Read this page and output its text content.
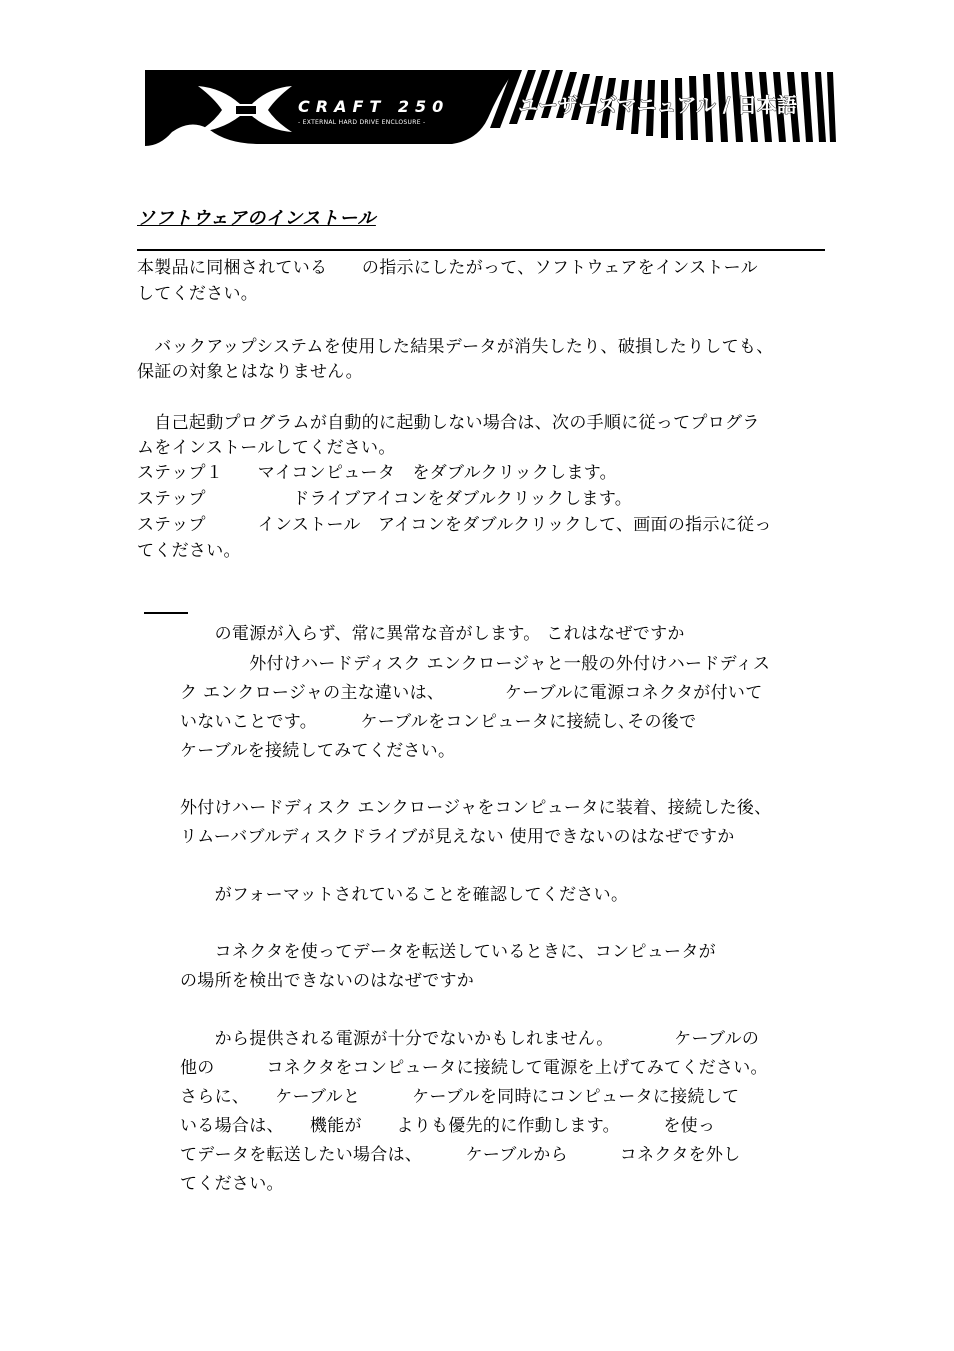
CRAFT 250
- EXTERNAL HARD DRIVE ENCLOSURE -
ユーザーズマニュアル / 日本語
ソフトウェアのインストール
本製品に同梱されている　　の指示にしたがって、ソフトウェアをインストール
してください。
　バックアップシステムを使用した結果データが消失したり、破損したりしても、
保証の対象とはなりません。
　自己起動プログラムが自動的に起動しない場合は、次の手順に従ってプログラ
ムをインストールしてください。
ステップ１　　マイコンピュータ　をダブルクリックします。
ステップ　　　　　ドライブアイコンをダブルクリックします。
ステップ　　　インストール　アイコンをダブルクリックして、画面の指示に従っ
てください。
　　の電源が入らず、常に異常な音がします。 これはなぜですか
　　　　外付けハードディスク エンクロージャと一般の外付けハードディス
ク エンクロージャの主な違いは、　　　　ケーブルに電源コネクタが付いて
いないことです。　　　ケーブルをコンピュータに接続し､その後で
ケーブルを接続してみてください。
外付けハードディスク エンクロージャをコンピュータに装着、接続した後、
リムーバブルディスクドライブが見えない 使用できないのはなぜですか
　　がフォーマットされていることを確認してください。
　　コネクタを使ってデータを転送しているときに、コンピュータが
の場所を検出できないのはなぜですか
　　から提供される電源が十分でないかもしれません。　　　　ケーブルの
他の　　　コネクタをコンピュータに接続して電源を上げてみてください。
さらに、　　ケーブルと　　　ケーブルを同時にコンピュータに接続して
いる場合は、　　機能が　　よりも優先的に作動します。　　　を使っ
てデータを転送したい場合は、　　　ケーブルから　　　コネクタを外し
てください。
